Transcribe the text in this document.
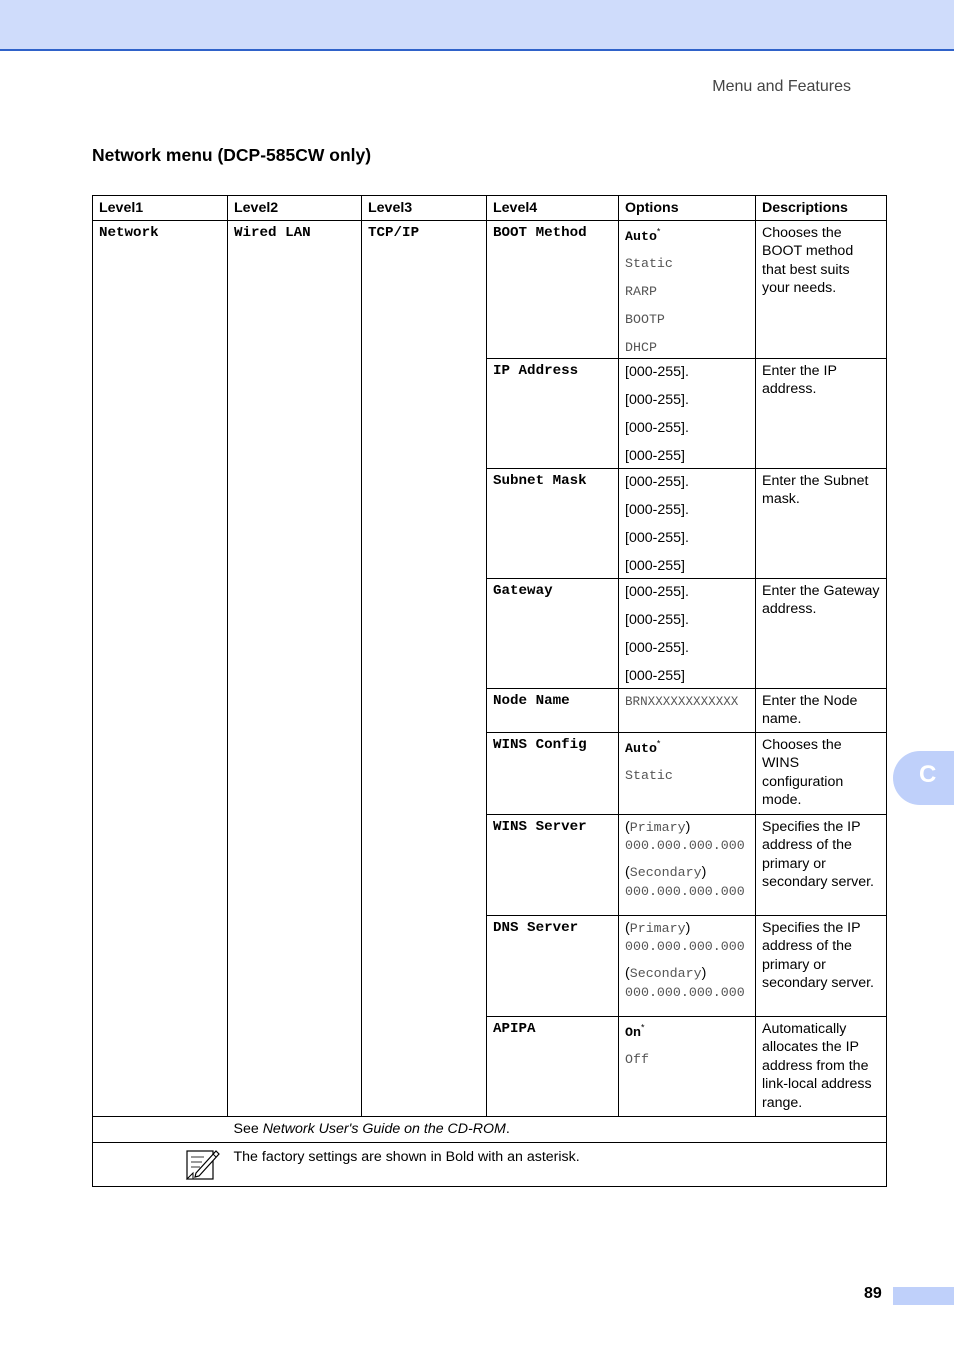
Menu and Features
Network menu (DCP-585CW only)
Level1	Level2	Level3	Level4	Options	Descriptions
Network	Wired LAN	TCP/IP	BOOT Method	Auto*
Static
RARP
BOOTP
DHCP	Chooses the BOOT method that best suits your needs.
			IP Address	[000-255].
[000-255].
[000-255].
[000-255]	Enter the IP address.
			Subnet Mask	[000-255].
[000-255].
[000-255].
[000-255]	Enter the Subnet mask.
			Gateway	[000-255].
[000-255].
[000-255].
[000-255]	Enter the Gateway address.
			Node Name	BRNXXXXXXXXXXXX	Enter the Node name.
			WINS Config	Auto*
Static	Chooses the WINS configuration mode.
			WINS Server	(Primary)
000.000.000.000
(Secondary)
000.000.000.000	Specifies the IP address of the primary or secondary server.
			DNS Server	(Primary)
000.000.000.000
(Secondary)
000.000.000.000	Specifies the IP address of the primary or secondary server.
			APIPA	On*
Off	Automatically allocates the IP address from the link-local address range.
	See Network User's Guide on the CD-ROM.				
	The factory settings are shown in Bold with an asterisk.				
C
89
